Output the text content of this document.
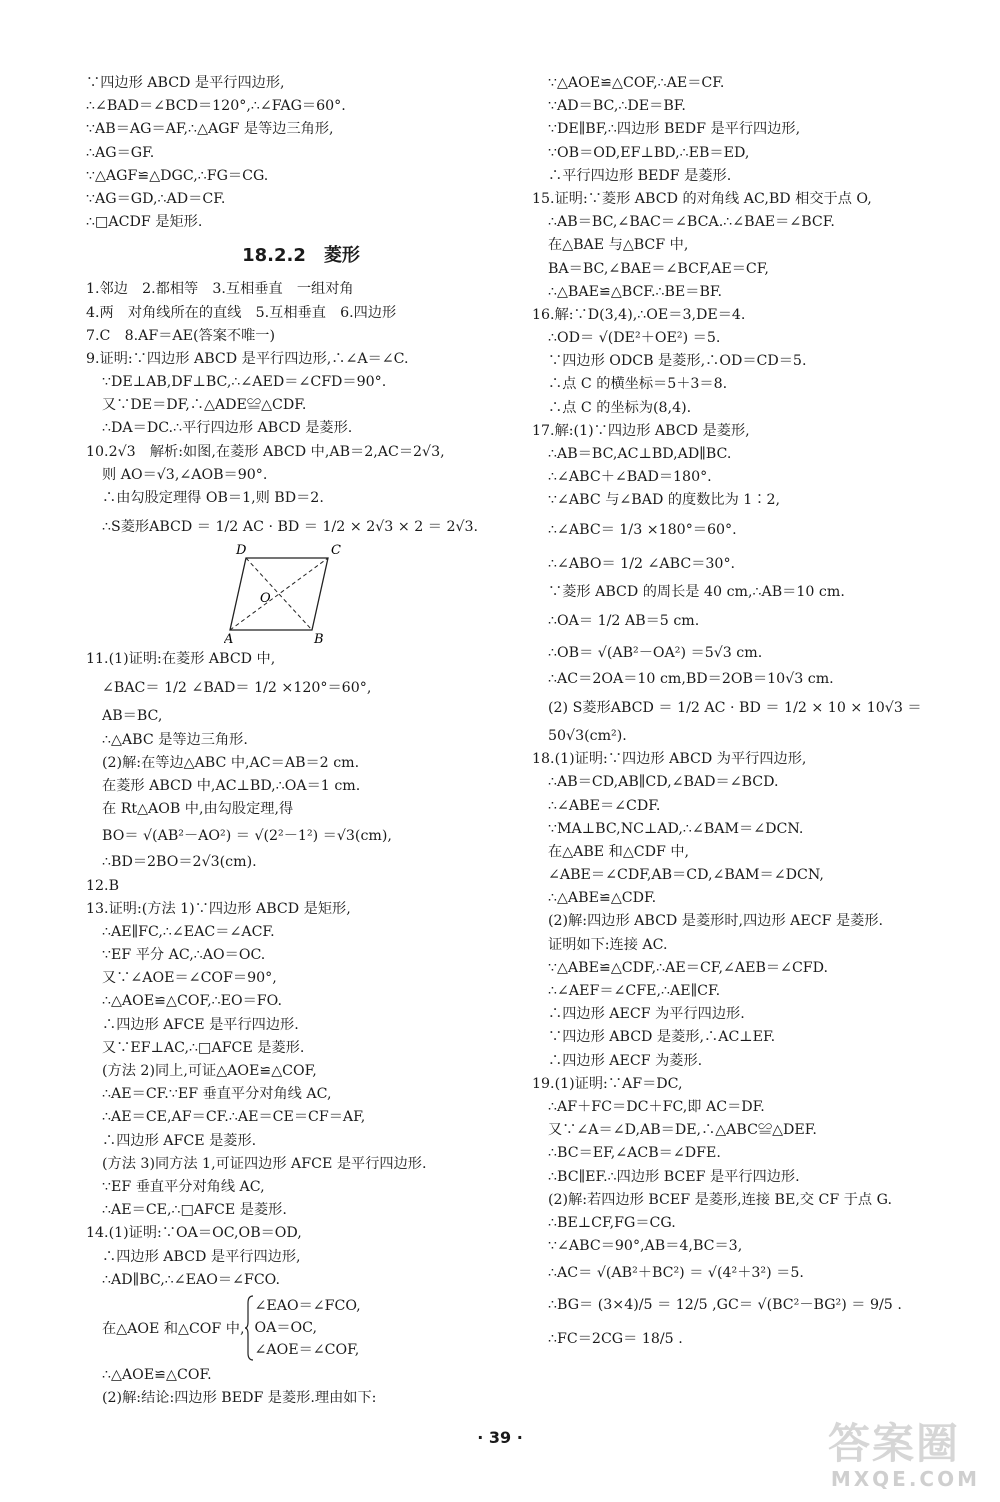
∵四边形 ABCD 是平行四边形,
∴∠BAD＝∠BCD＝120°,∴∠FAG＝60°.
∵AB＝AG＝AF,∴△AGF 是等边三角形,
∴AG＝GF.
∵△AGF≌△DGC,∴FG＝CG.
∵AG＝GD,∴AD＝CF.
∴□ACDF 是矩形.
18.2.2　菱形
1.邻边　2.都相等　3.互相垂直　一组对角
4.两　对角线所在的直线　5.互相垂直　6.四边形
7.C　8.AF＝AE(答案不唯一)
9.证明:∵四边形 ABCD 是平行四边形,∴∠A＝∠C.
∵DE⊥AB,DF⊥BC,∴∠AED＝∠CFD＝90°.
又∵DE＝DF,∴△ADE≌△CDF.
∴DA＝DC.∴平行四边形 ABCD 是菱形.
10.2√3　解析:如图,在菱形 ABCD 中,AB＝2,AC＝2√3,
则 AO＝√3,∠AOB＝90°.
∴由勾股定理得 OB＝1,则 BD＝2.
∴S菱形ABCD ＝ 1/2 AC · BD ＝ 1/2 × 2√3 × 2 ＝ 2√3.
D	C
O
A	B
11.(1)证明:在菱形 ABCD 中,
∠BAC＝ 1/2 ∠BAD＝ 1/2 ×120°＝60°,
AB＝BC,
∴△ABC 是等边三角形.
(2)解:在等边△ABC 中,AC＝AB＝2 cm.
在菱形 ABCD 中,AC⊥BD,∴OA＝1 cm.
在 Rt△AOB 中,由勾股定理,得
BO＝ √(AB²－AO²) ＝ √(2²－1²) ＝√3(cm),
∴BD＝2BO＝2√3(cm).
12.B
13.证明:(方法 1)∵四边形 ABCD 是矩形,
∴AE∥FC,∴∠EAC＝∠ACF.
∵EF 平分 AC,∴AO＝OC.
又∵∠AOE＝∠COF＝90°,
∴△AOE≌△COF,∴EO＝FO.
∴四边形 AFCE 是平行四边形.
又∵EF⊥AC,∴□AFCE 是菱形.
(方法 2)同上,可证△AOE≌△COF,
∴AE＝CF.∵EF 垂直平分对角线 AC,
∴AE＝CE,AF＝CF.∴AE＝CE＝CF＝AF,
∴四边形 AFCE 是菱形.
(方法 3)同方法 1,可证四边形 AFCE 是平行四边形.
∵EF 垂直平分对角线 AC,
∴AE＝CE,∴□AFCE 是菱形.
14.(1)证明:∵OA＝OC,OB＝OD,
∴四边形 ABCD 是平行四边形,
∴AD∥BC,∴∠EAO＝∠FCO.
在△AOE 和△COF 中,
∠EAO＝∠FCO,
OA＝OC,
∠AOE＝∠COF,
∴△AOE≌△COF.
(2)解:结论:四边形 BEDF 是菱形.理由如下:
∵△AOE≌△COF,∴AE＝CF.
∵AD＝BC,∴DE＝BF.
∵DE∥BF,∴四边形 BEDF 是平行四边形,
∵OB＝OD,EF⊥BD,∴EB＝ED,
∴平行四边形 BEDF 是菱形.
15.证明:∵菱形 ABCD 的对角线 AC,BD 相交于点 O,
∴AB＝BC,∠BAC＝∠BCA.∴∠BAE＝∠BCF.
在△BAE 与△BCF 中,
BA＝BC,∠BAE＝∠BCF,AE＝CF,
∴△BAE≌△BCF.∴BE＝BF.
16.解:∵D(3,4),∴OE＝3,DE＝4.
∴OD＝ √(DE²＋OE²) ＝5.
∵四边形 ODCB 是菱形,∴OD＝CD＝5.
∴点 C 的横坐标＝5＋3＝8.
∴点 C 的坐标为(8,4).
17.解:(1)∵四边形 ABCD 是菱形,
∴AB＝BC,AC⊥BD,AD∥BC.
∴∠ABC＋∠BAD＝180°.
∵∠ABC 与∠BAD 的度数比为 1∶2,
∴∠ABC＝ 1/3 ×180°＝60°.
∴∠ABO＝ 1/2 ∠ABC＝30°.
∵菱形 ABCD 的周长是 40 cm,∴AB＝10 cm.
∴OA＝ 1/2 AB＝5 cm.
∴OB＝ √(AB²－OA²) ＝5√3 cm.
∴AC＝2OA＝10 cm,BD＝2OB＝10√3 cm.
(2) S菱形ABCD ＝ 1/2 AC · BD ＝ 1/2 × 10 × 10√3 ＝
50√3(cm²).
18.(1)证明:∵四边形 ABCD 为平行四边形,
∴AB＝CD,AB∥CD,∠BAD＝∠BCD.
∴∠ABE＝∠CDF.
∵MA⊥BC,NC⊥AD,∴∠BAM＝∠DCN.
在△ABE 和△CDF 中,
∠ABE＝∠CDF,AB＝CD,∠BAM＝∠DCN,
∴△ABE≌△CDF.
(2)解:四边形 ABCD 是菱形时,四边形 AECF 是菱形.
证明如下:连接 AC.
∵△ABE≌△CDF,∴AE＝CF,∠AEB＝∠CFD.
∴∠AEF＝∠CFE,∴AE∥CF.
∴四边形 AECF 为平行四边形.
∵四边形 ABCD 是菱形,∴AC⊥EF.
∴四边形 AECF 为菱形.
19.(1)证明:∵AF＝DC,
∴AF＋FC＝DC＋FC,即 AC＝DF.
又∵∠A＝∠D,AB＝DE,∴△ABC≌△DEF.
∴BC＝EF,∠ACB＝∠DFE.
∴BC∥EF.∴四边形 BCEF 是平行四边形.
(2)解:若四边形 BCEF 是菱形,连接 BE,交 CF 于点 G.
∴BE⊥CF,FG＝CG.
∵∠ABC＝90°,AB＝4,BC＝3,
∴AC＝ √(AB²＋BC²) ＝ √(4²＋3²) ＝5.
∴BG＝ (3×4)/5 ＝ 12/5 ,GC＝ √(BC²－BG²) ＝ 9/5 .
∴FC＝2CG＝ 18/5 .
· 39 ·	答案圈
MXQE.COM
